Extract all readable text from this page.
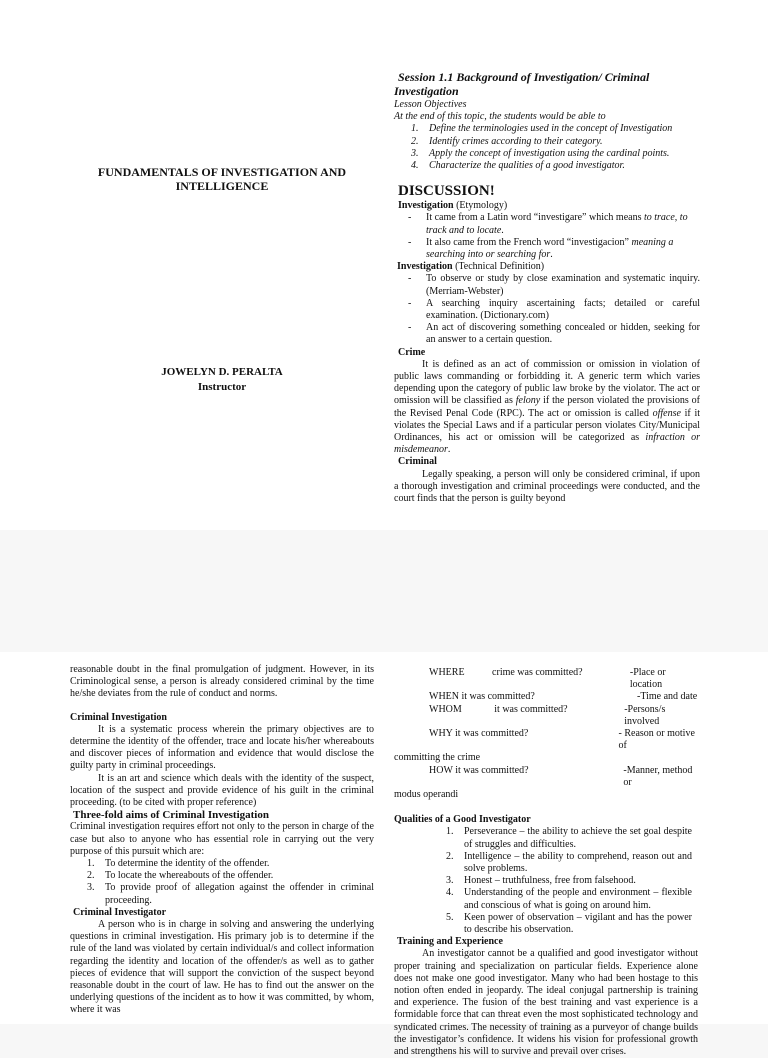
FUNDAMENTALS OF INVESTIGATION AND INTELLIGENCE
JOWELYN D. PERALTA
Instructor
Session 1.1 Background of Investigation/ Criminal Investigation
Lesson Objectives
At the end of this topic, the students would be able to
1. Define the terminologies used in the concept of Investigation
2. Identify crimes according to their category.
3. Apply the concept of investigation using the cardinal points.
4. Characterize the qualities of a good investigator.
DISCUSSION!
Investigation (Etymology)
- It came from a Latin word “investigare” which means to trace, to track and to locate.
- It also came from the French word “investigacion” meaning a searching into or searching for.
Investigation (Technical Definition)
- To observe or study by close examination and systematic inquiry. (Merriam-Webster)
- A searching inquiry ascertaining facts; detailed or careful examination. (Dictionary.com)
- An act of discovering something concealed or hidden, seeking for an answer to a certain question.
Crime
It is defined as an act of commission or omission in violation of public laws commanding or forbidding it. A generic term which varies depending upon the category of public law broke by the violator. The act or omission will be classified as felony if the person violated the provisions of the Revised Penal Code (RPC). The act or omission is called offense if it violates the Special Laws and if a particular person violates City/Municipal Ordinances, his act or omission will be categorized as infraction or misdemeanor.
Criminal
Legally speaking, a person will only be considered criminal, if upon a thorough investigation and criminal proceedings were conducted, and the court finds that the person is guilty beyond
reasonable doubt in the final promulgation of judgment. However, in its Criminological sense, a person is already considered criminal by the time he/she deviates from the rule of conduct and norms.
Criminal Investigation
It is a systematic process wherein the primary objectives are to determine the identity of the offender, trace and locate his/her whereabouts and discover pieces of information and evidence that would disclose the guilty party in criminal proceedings.
It is an art and science which deals with the identity of the suspect, location of the suspect and provide evidence of his guilt in the criminal proceeding. (to be cited with proper reference)
Three-fold aims of Criminal Investigation
Criminal investigation requires effort not only to the person in charge of the case but also to anyone who has essential role in carrying out the very purpose of this pursuit which are:
1. To determine the identity of the offender.
2. To locate the whereabouts of the offender.
3. To provide proof of allegation against the offender in criminal proceeding.
Criminal Investigator
A person who is in charge in solving and answering the underlying questions in criminal investigation. His primary job is to determine if the rule of the land was violated by certain individual/s and collect information regarding the identity and location of the offender/s as well as to gather pieces of evidence that will support the conviction of the suspect beyond reasonable doubt in the court of law. He has to find out the answer on the underlying questions of the incident as to how it was committed, by whom, where it was
WHERE           crime was committed?	-Place or location
WHEN it was committed?	-Time and date
WHOM             it was committed?	-Persons/s involved
WHY it was committed?	- Reason or motive of
committing the crime
HOW it was committed?	-Manner, method or
modus operandi
Qualities of a Good Investigator
1. Perseverance – the ability to achieve the set goal despite of struggles and difficulties.
2. Intelligence – the ability to comprehend, reason out and solve problems.
3. Honest – truthfulness, free from falsehood.
4. Understanding of the people and environment – flexible and conscious of what is going on around him.
5. Keen power of observation – vigilant and has the power to describe his observation.
Training and Experience
An investigator cannot be a qualified and good investigator without proper training and specialization on particular fields. Experience alone does not make one good investigator. Many who had been hostage to this notion often ended in jeopardy. The ideal conjugal partnership is training and experience. The fusion of the best training and vast experience is a formidable force that can threat even the most sophisticated technology and syndicated crimes. The necessity of training as a purveyor of change builds the investigator’s confidence. It widens his vision for professional growth and strengthens his will to survive and prevail over crises.
